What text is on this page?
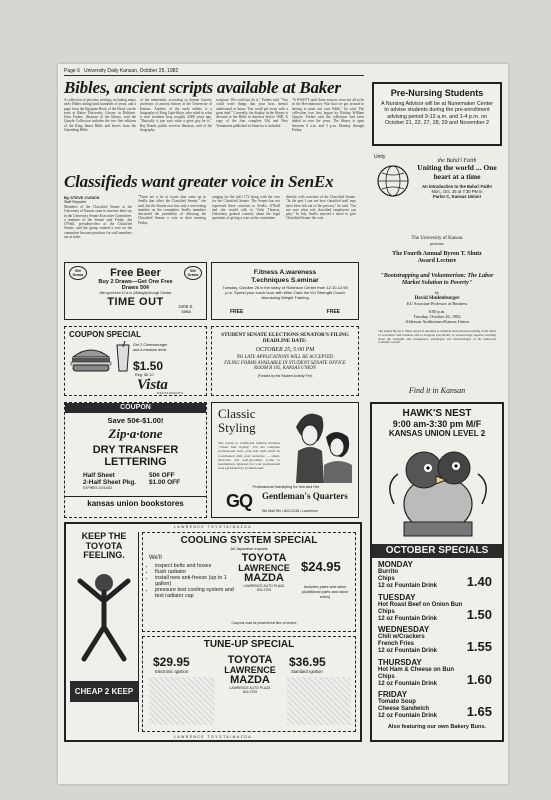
Page 6 University Daily Kansan, October 25, 1982
Bibles, ancient scripts available at Baker
A collection of precious writings, including many early Bibles dating back hundreds of years, and a page from the Egyptian Book of the Dead, can be seen at Baker University Library in Baldwin. John Forbes, librarian of the library, said the Quayle Collection includes the two first editions of the King James Bible and leaves from the Gutenberg Bible.
of the nineteenth, according to Joanne Garrett, professor of ancient history at the University of Kansas. Another of the early tablets is a biography of King Lipit-Ishtar, who ruled in what is now southern Iraq, roughly 4,000 years ago. "Basically it just says what a great guy he is," Ray Bondi, public services librarian, said of the biography.
scripture. We could not do it," Forbes said. "You could write things that your boss doesn't understand or know. You could get away with a great deal." Currently, the display in the library is devoted to the Bible in America before 1800. A copy of the first complete Old and New Testaments published in America is included.
"It WASN'T until those sources were not all to be in the Revolutionary War that we got around to having to print our own Bible," he said. The collection was first begun by Bishop William Quayle. Forbes said the collection had been added to over the years. The library is open between 8 a.m. and 5 p.m. Monday through Friday.
Pre-Nursing Students
A Nursing Advisor will be at Nunemaker Center to advise students during the pre-enrollment advising period 9-12 a.m. and 1-4 p.m. on October 21, 22, 27, 28, 29 and November 2
Unity
the Bahá'í Faith
Uniting the world ... One heart at a time
An introduction to the Baha'i Faith!
Mon., Oct. 25 at 7:30 PM in
Parlor C, Kansas Union!
Classifieds want greater voice in SenEx
By STEVE CUSICK
Staff Reporter
Members of the Classified Senate at the University of Kansas want to increase their say in the University Senate Executive Committee, a member of the Senate said Friday. Jan O'Neill, president-elect of the Classified Senate, said the group wanted a vote on the committee because positions for staff members are at stake.
"There are a lot of issues that come up in SenEx that affect the Classified Senate," she said, but the Senate now has only a non-voting member on the committee. SenEx members discussed the possibility of allowing the Classified Senate a vote at their meeting Friday.
ranging for the job's 172 along with the vote for the Classified Senate. The Senate has not expressed these concerns to SenEx. O'Neill and she would talk to Vicki Thomas, University general counsel, about the legal questions of giving a vote on the committee.
directly with concerns of the Classified Senate. "In the past I can see how classified staff may have been left out of the process," he said. "I'm not sure what role classified employees can play." In July, SenEx rejected a move to give Classified Senate the vote.
The University of Kansas
presents
The Fourth Annual Byron T. Shutz Award Lecture
"Bootstrapping and Volunteerism: The Labor Market Solution to Poverty"
by
David Shulenburger
KU Associate Professor of Business
8:00 p.m.
Tuesday, October 26, 1982
Alderson Auditorium/Kansas Union
The annual Byron T. Shutz Award is intended to stimulate instructional teaching in the fields of economics and business and is designed specifically to acknowledge superior teaching about the strengths and weaknesses, advantages and disadvantages of the American economic system.
50¢ Draws
50¢ Draws
Free Beer
Buy 2 Draws—Get One Free
Draws 50¢
offer good from 10 a.m. (Midnight) through October
TIME OUT	2406 S. Iowa
F.itness A.wareness T.echniques S.eminar
Tuesday, October 26 in the lobby of Robinson Center from 12:10-12:50 p.m. Spend your lunch hour with Mike Clark the KU Strength Coach discussing Weight Training
FREE	FREE
COUPON SPECIAL
Get 2 Cheeseburger and a medium drink
$1.50
Reg. $2.10
Vista
RESTAURANTS
STUDENT SENATE ELECTIONS SENATOR'S FILING DEADLINE DATE-
OCTOBER 25, 5:00 PM
NO LATE APPLICATIONS WILL BE ACCEPTED
FILING FORMS AVAILABLE IN STUDENT SENATE OFFICE ROOM B 105, KANSAS UNION
(Funded by the Student Activity Fee)
Find it in Kansan
HAWK'S NEST
9:00 am-3:30 pm M/F
KANSAS UNION LEVEL 2
OCTOBER SPECIALS
MONDAY
Burrito
Chips
12 oz Fountain Drink	1.40
TUESDAY
Hot Roast Beef on Onion Bun
Chips
12 oz Fountain Drink	1.50
WEDNESDAY
Chili w/Crackers
French Fries
12 oz Fountain Drink	1.55
THURSDAY
Hot Ham & Cheese on Bun
Chips
12 oz Fountain Drink	1.60
FRIDAY
Tomato Soup
Cheese Sandwich
12 oz Fountain Drink	1.65
Also featuring our own Bakery Buns.
COUPON
Save 50¢-$1.00!
Zip·a·tone
DRY TRANSFER LETTERING
Half Sheet	50¢ OFF
2-Half Sheet Pkg. $1.00 OFF
EXPIRES 10/31/82
kansas union bookstores
Classic Styling
The return to traditional fashion includes "classic hair styling". For the complete professional look, your hair style must be coordinated with your wardrobe — smart, attractive and well-groomed. Come to Gentleman's Quarters for your professional look performed by professionals.
Professional Hairstyling for him and Her
GQ Gentleman's Quarters
9th Mall 9th • 843-2138 • Lawrence
LAWRENCE TOYOTA/MAZDA
LAWRENCE TOYOTA/MAZDA
KEEP THE TOYOTA FEELING.
CHEAP 2 KEEP
COOLING SYSTEM SPECIAL
All Japanese imports
We'll
• inspect belts and hoses
• flush radiator
• install new anti-freeze (up to 1 gallon)
• pressure test cooling system and test radiator cap
TOYOTA
LAWRENCE
MAZDA
LAWRENCE AUTO PLAZA
842-2700
$24.95
Includes parts and labor (Additional parts and labor extra)
Coupons must be presented at time of service
TUNE-UP SPECIAL
$29.95
Electronic Ignition
TOYOTA
LAWRENCE
MAZDA
LAWRENCE AUTO PLAZA
842-2700
$36.95
Standard Ignition
